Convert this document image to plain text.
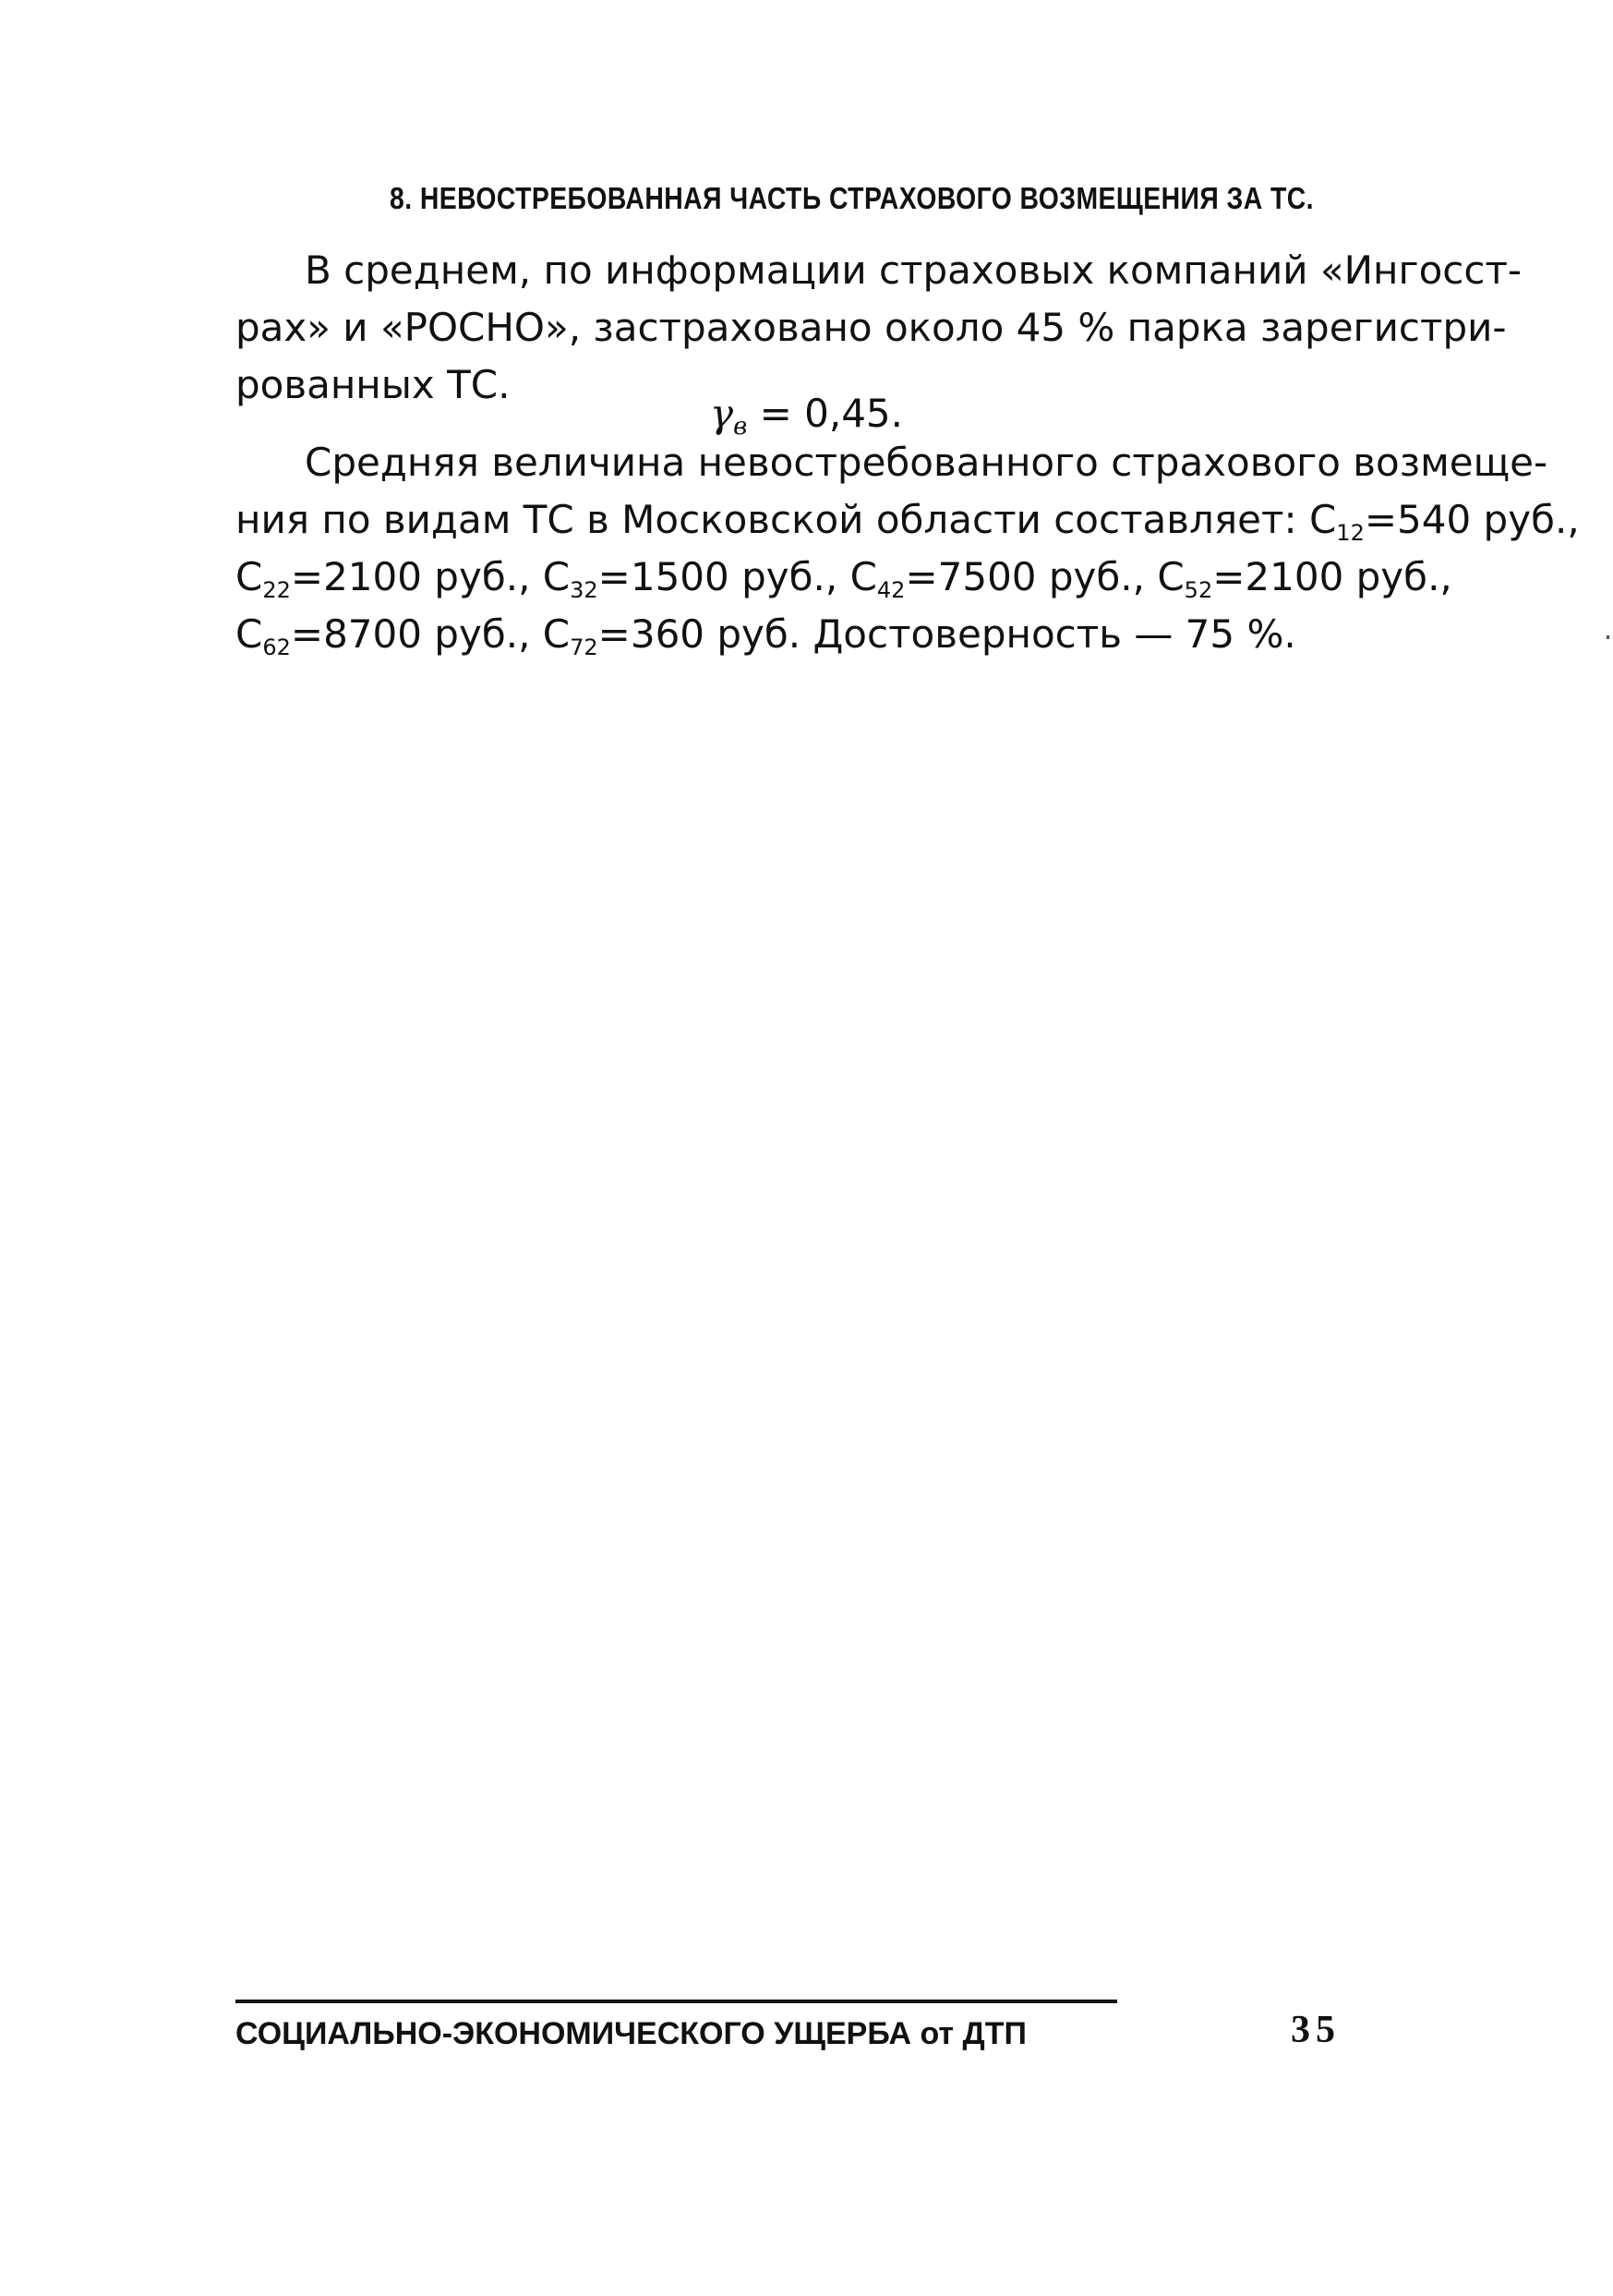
8. НЕВОСТРЕБОВАННАЯ ЧАСТЬ СТРАХОВОГО ВОЗМЕЩЕНИЯ ЗА ТС.
В среднем, по информации страховых компаний «Ингосст-
рах» и «РОСНО», застраховано около 45 % парка зарегистри-
рованных ТС.
$\gamma_в = 0,45$.
Средняя величина невостребованного страхового возмеще-
ния по видам ТС в Московской области составляет: $С_{12}=540$ руб.,
$С_{22}=2100$ руб., $С_{32}=1500$ руб., $С_{42}=7500$ руб., $С_{52}=2100$ руб.,
$С_{62}=8700$ руб., $С_{72}=360$ руб. Достоверность — 75 %.
СОЦИАЛЬНО-ЭКОНОМИЧЕСКОГО УЩЕРБА от ДТП	35
